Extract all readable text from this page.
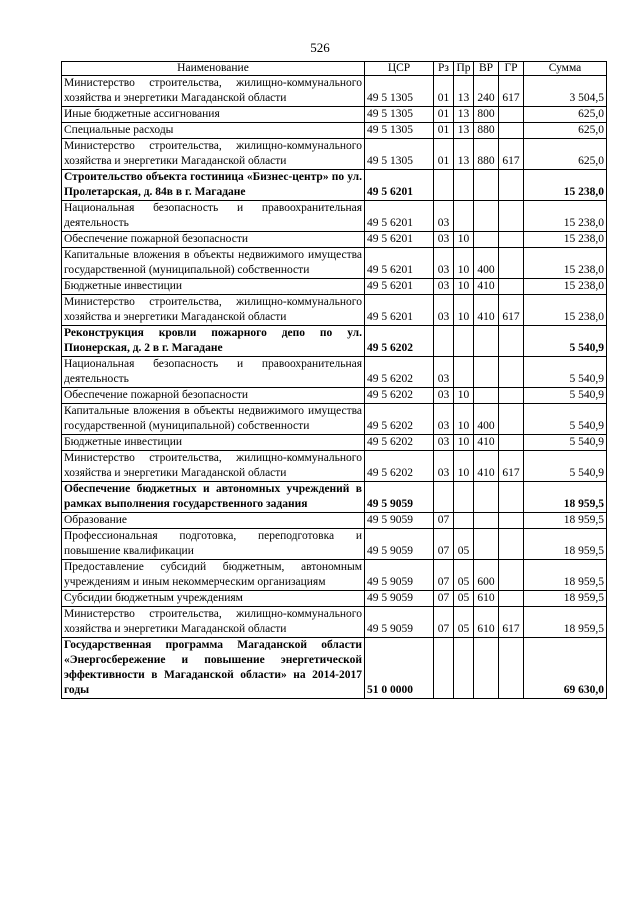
526
Наименование	ЦСР	Рз	Пр	ВР	ГР	Сумма
Министерство строительства, жилищно-коммунального хозяйства и энергетики Магаданской области	49 5 1305	01	13	240	617	3 504,5
Иные бюджетные ассигнования	49 5 1305	01	13	800		625,0
Специальные расходы	49 5 1305	01	13	880		625,0
Министерство строительства, жилищно-коммунального хозяйства и энергетики Магаданской области	49 5 1305	01	13	880	617	625,0
Строительство объекта гостиница «Бизнес-центр» по ул. Пролетарская, д. 84в в г. Магадане	49 5 6201					15 238,0
Национальная безопасность и правоохранительная деятельность	49 5 6201	03				15 238,0
Обеспечение пожарной безопасности	49 5 6201	03	10			15 238,0
Капитальные вложения в объекты недвижимого имущества государственной (муниципальной) собственности	49 5 6201	03	10	400		15 238,0
Бюджетные инвестиции	49 5 6201	03	10	410		15 238,0
Министерство строительства, жилищно-коммунального хозяйства и энергетики Магаданской области	49 5 6201	03	10	410	617	15 238,0
Реконструкция кровли пожарного депо по ул. Пионерская, д. 2 в г. Магадане	49 5 6202					5 540,9
Национальная безопасность и правоохранительная деятельность	49 5 6202	03				5 540,9
Обеспечение пожарной безопасности	49 5 6202	03	10			5 540,9
Капитальные вложения в объекты недвижимого имущества государственной (муниципальной) собственности	49 5 6202	03	10	400		5 540,9
Бюджетные инвестиции	49 5 6202	03	10	410		5 540,9
Министерство строительства, жилищно-коммунального хозяйства и энергетики Магаданской области	49 5 6202	03	10	410	617	5 540,9
Обеспечение бюджетных и автономных учреждений в рамках выполнения государственного задания	49 5 9059					18 959,5
Образование	49 5 9059	07				18 959,5
Профессиональная подготовка, переподготовка и повышение квалификации	49 5 9059	07	05			18 959,5
Предоставление субсидий бюджетным, автономным учреждениям и иным некоммерческим организациям	49 5 9059	07	05	600		18 959,5
Субсидии бюджетным учреждениям	49 5 9059	07	05	610		18 959,5
Министерство строительства, жилищно-коммунального хозяйства и энергетики Магаданской области	49 5 9059	07	05	610	617	18 959,5
Государственная программа Магаданской области «Энергосбережение и повышение энергетической эффективности в Магаданской области» на 2014-2017 годы	51 0 0000					69 630,0
